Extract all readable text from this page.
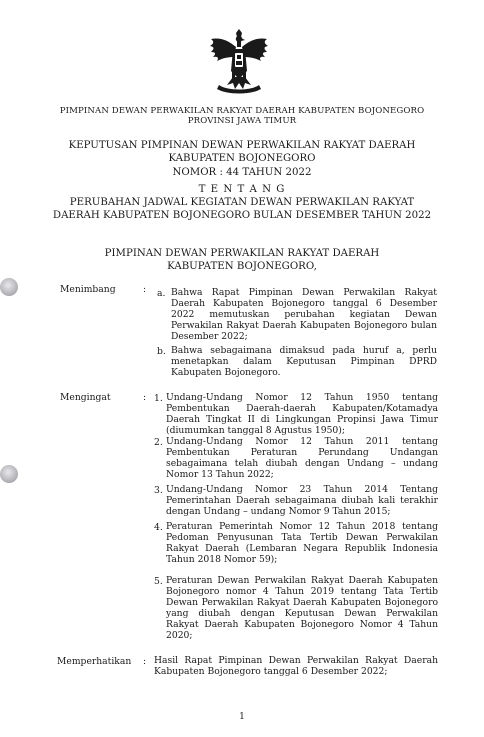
PIMPINAN DEWAN PERWAKILAN RAKYAT DAERAH KABUPATEN BOJONEGORO
PROVINSI JAWA TIMUR
KEPUTUSAN PIMPINAN DEWAN PERWAKILAN RAKYAT DAERAH
KABUPATEN BOJONEGORO
NOMOR : 44 TAHUN 2022
T E N T A N G
PERUBAHAN JADWAL KEGIATAN DEWAN PERWAKILAN RAKYAT
DAERAH KABUPATEN BOJONEGORO BULAN DESEMBER TAHUN 2022
PIMPINAN DEWAN PERWAKILAN RAKYAT DAERAH
KABUPATEN BOJONEGORO,
Menimbang	: a. Bahwa Rapat Pimpinan Dewan Perwakilan Rakyat Daerah Kabupaten Bojonegoro tanggal 6 Desember 2022 memutuskan perubahan kegiatan Dewan Perwakilan Rakyat Daerah Kabupaten Bojonegoro bulan Desember 2022;
b. Bahwa sebagaimana dimaksud pada huruf a, perlu menetapkan dalam Keputusan Pimpinan DPRD Kabupaten Bojonegoro.
Mengingat	: 1. Undang-Undang Nomor 12 Tahun 1950 tentang Pembentukan Daerah-daerah Kabupaten/Kotamadya Daerah Tingkat II di Lingkungan Propinsi Jawa Timur (diumumkan tanggal 8 Agustus 1950);
2. Undang-Undang Nomor 12 Tahun 2011 tentang Pembentukan Peraturan Perundang Undangan sebagaimana telah diubah dengan Undang – undang Nomor 13 Tahun 2022;
3. Undang-Undang Nomor 23 Tahun 2014 Tentang Pemerintahan Daerah sebagaimana diubah kali terakhir dengan Undang – undang Nomor 9 Tahun 2015;
4. Peraturan Pemerintah Nomor 12 Tahun 2018 tentang Pedoman Penyusunan Tata Tertib Dewan Perwakilan Rakyat Daerah (Lembaran Negara Republik Indonesia Tahun 2018 Nomor 59);
5. Peraturan Dewan Perwakilan Rakyat Daerah Kabupaten Bojonegoro nomor 4 Tahun 2019 tentang Tata Tertib Dewan Perwakilan Rakyat Daerah Kabupaten Bojonegoro yang diubah dengan Keputusan Dewan Perwakilan Rakyat Daerah Kabupaten Bojonegoro Nomor 4 Tahun 2020;
Memperhatikan : Hasil Rapat Pimpinan Dewan Perwakilan Rakyat Daerah Kabupaten Bojonegoro tanggal 6 Desember 2022;
1
